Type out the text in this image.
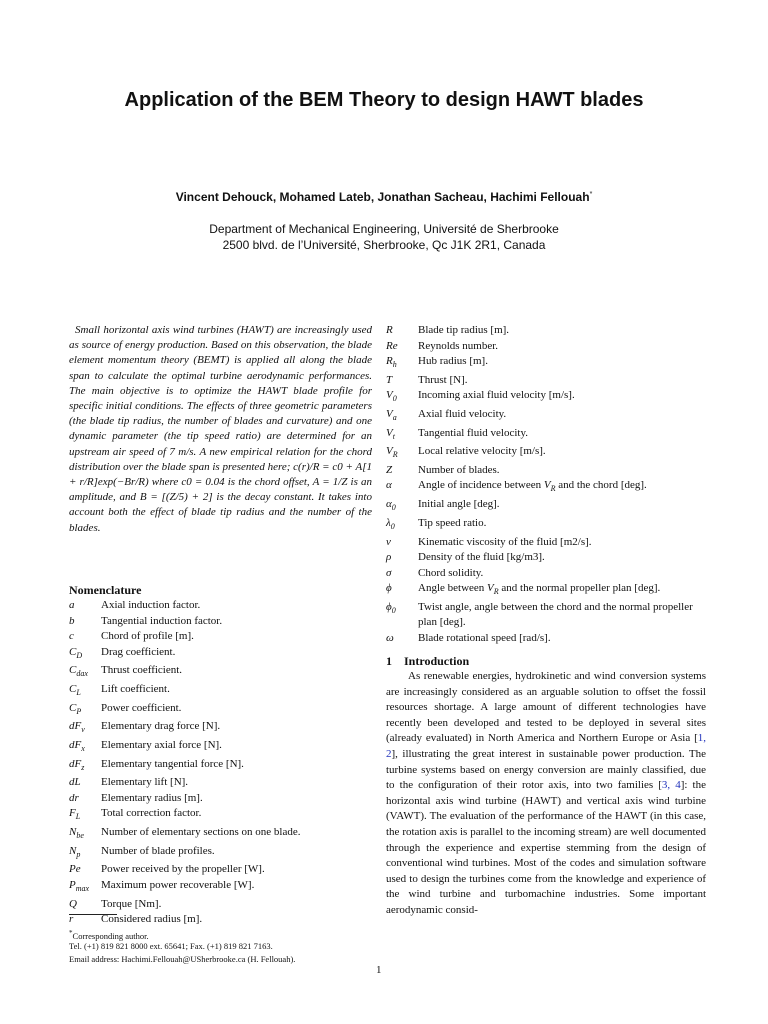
Application of the BEM Theory to design HAWT blades
Vincent Dehouck, Mohamed Lateb, Jonathan Sacheau, Hachimi Fellouah*
Department of Mechanical Engineering, Université de Sherbrooke
2500 blvd. de l’Université, Sherbrooke, Qc J1K 2R1, Canada
Small horizontal axis wind turbines (HAWT) are increasingly used as source of energy production. Based on this observation, the blade element momentum theory (BEMT) is applied all along the blade span to calculate the optimal turbine aerodynamic performances. The main objective is to optimize the HAWT blade profile for specific initial conditions. The effects of three geometric parameters (the blade tip radius, the number of blades and curvature) and one dynamic parameter (the tip speed ratio) are determined for an upstream air speed of 7 m/s. A new empirical relation for the chord distribution over the blade span is presented here; c(r)/R = c0 + A[1 + r/R]exp(−Br/R) where c0 = 0.04 is the chord offset, A = 1/Z is an amplitude, and B = [(Z/5) + 2] is the decay constant. It takes into account both the effect of blade tip radius and the number of the blades.
Nomenclature
a	Axial induction factor.
b	Tangential induction factor.
c	Chord of profile [m].
$C_D$	Drag coefficient.
$C_{dax}$	Thrust coefficient.
$C_L$	Lift coefficient.
$C_P$	Power coefficient.
$dF_v$	Elementary drag force [N].
$dF_x$	Elementary axial force [N].
$dF_z$	Elementary tangential force [N].
dL	Elementary lift [N].
dr	Elementary radius [m].
$F_L$	Total correction factor.
$N_{be}$	Number of elementary sections on one blade.
$N_p$	Number of blade profiles.
Pe	Power received by the propeller [W].
$P_{max}$	Maximum power recoverable [W].
Q	Torque [Nm].
r	Considered radius [m].
R	Blade tip radius [m].
Re	Reynolds number.
$R_h$	Hub radius [m].
T	Thrust [N].
$V_0$	Incoming axial fluid velocity [m/s].
$V_a$	Axial fluid velocity.
$V_t$	Tangential fluid velocity.
$V_R$	Local relative velocity [m/s].
Z	Number of blades.
α	Angle of incidence between $V_R$ and the chord [deg].
$\alpha_0$	Initial angle [deg].
$\lambda_0$	Tip speed ratio.
ν	Kinematic viscosity of the fluid [m2/s].
ρ	Density of the fluid [kg/m3].
σ	Chord solidity.
ϕ	Angle between $V_R$ and the normal propeller plan [deg].
$\phi_0$	Twist angle, angle between the chord and the normal propeller plan [deg].
ω	Blade rotational speed [rad/s].
*Corresponding author.
Tel. (+1) 819 821 8000 ext. 65641; Fax. (+1) 819 821 7163.
Email address: Hachimi.Fellouah@USherbrooke.ca (H. Fellouah).
1 Introduction
As renewable energies, hydrokinetic and wind conversion systems are increasingly considered as an arguable solution to offset the fossil resources shortage. A large amount of different technologies have recently been developed and tested to be deployed in several sites (already evaluated) in North America and Northern Europe or Asia [1, 2], illustrating the great interest in sustainable power production. The turbine systems based on energy conversion are mainly classified, due to the configuration of their rotor axis, into two families [3, 4]: the horizontal axis wind turbine (HAWT) and vertical axis wind turbine (VAWT). The evaluation of the performance of the HAWT (in this case, the rotation axis is parallel to the incoming stream) are well documented through the experience and expertise stemming from the design of conventional wind turbines. Most of the codes and simulation software used to design the turbines come from the knowledge and experience of the wind turbine and turbomachine industries. Some important aerodynamic consid-
1
